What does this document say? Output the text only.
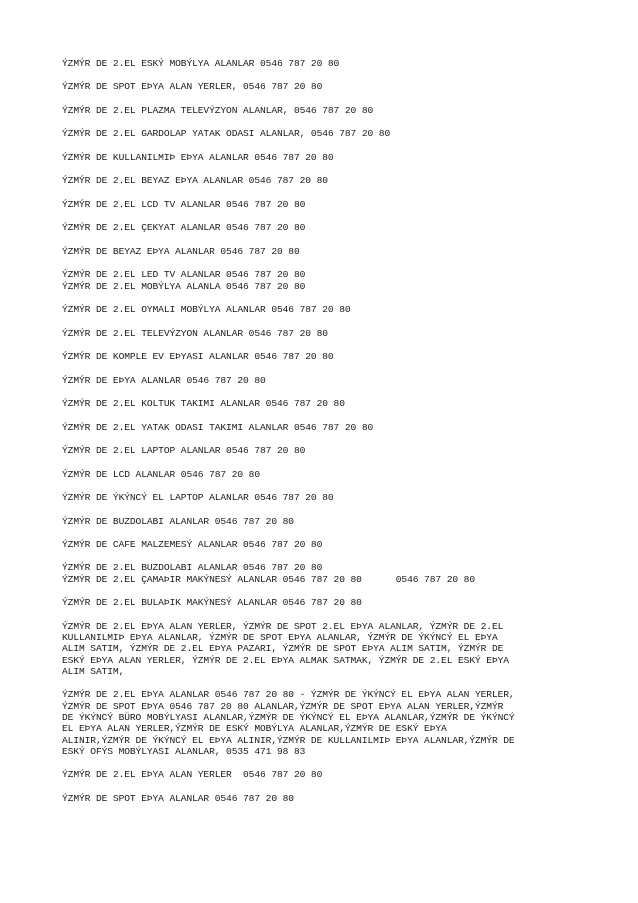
ÝZMÝR DE 2.EL ESKÝ MOBÝLYA ALANLAR 0546 787 20 80

ÝZMÝR DE SPOT EÞYA ALAN YERLER, 0546 787 20 80

ÝZMÝR DE 2.EL PLAZMA TELEVÝZYON ALANLAR, 0546 787 20 80

ÝZMÝR DE 2.EL GARDOLAP YATAK ODASI ALANLAR, 0546 787 20 80

ÝZMÝR DE KULLANILMIÞ EÞYA ALANLAR 0546 787 20 80

ÝZMÝR DE 2.EL BEYAZ EÞYA ALANLAR 0546 787 20 80

ÝZMÝR DE 2.EL LCD TV ALANLAR 0546 787 20 80

ÝZMÝR DE 2.EL ÇEKYAT ALANLAR 0546 787 20 80

ÝZMÝR DE BEYAZ EÞYA ALANLAR 0546 787 20 80

ÝZMÝR DE 2.EL LED TV ALANLAR 0546 787 20 80
ÝZMÝR DE 2.EL MOBÝLYA ALANLA 0546 787 20 80

ÝZMÝR DE 2.EL OYMALI MOBÝLYA ALANLAR 0546 787 20 80

ÝZMÝR DE 2.EL TELEVÝZYON ALANLAR 0546 787 20 80

ÝZMÝR DE KOMPLE EV EÞYASI ALANLAR 0546 787 20 80

ÝZMÝR DE EÞYA ALANLAR 0546 787 20 80

ÝZMÝR DE 2.EL KOLTUK TAKIMI ALANLAR 0546 787 20 80

ÝZMÝR DE 2.EL YATAK ODASI TAKIMI ALANLAR 0546 787 20 80

ÝZMÝR DE 2.EL LAPTOP ALANLAR 0546 787 20 80

ÝZMÝR DE LCD ALANLAR 0546 787 20 80

ÝZMÝR DE ÝKÝNCÝ EL LAPTOP ALANLAR 0546 787 20 80

ÝZMÝR DE BUZDOLABI ALANLAR 0546 787 20 80

ÝZMÝR DE CAFE MALZEMESÝ ALANLAR 0546 787 20 80

ÝZMÝR DE 2.EL BUZDOLABI ALANLAR 0546 787 20 80
ÝZMÝR DE 2.EL ÇAMAÞIR MAKÝNESÝ ALANLAR 0546 787 20 80      0546 787 20 80

ÝZMÝR DE 2.EL BULAÞIK MAKÝNESÝ ALANLAR 0546 787 20 80

ÝZMÝR DE 2.EL EÞYA ALAN YERLER, ÝZMÝR DE SPOT 2.EL EÞYA ALANLAR, ÝZMÝR DE 2.EL
KULLANILMIÞ EÞYA ALANLAR, ÝZMÝR DE SPOT EÞYA ALANLAR, ÝZMÝR DE ÝKÝNCÝ EL EÞYA
ALIM SATIM, ÝZMÝR DE 2.EL EÞYA PAZARI, ÝZMÝR DE SPOT EÞYA ALIM SATIM, ÝZMÝR DE
ESKÝ EÞYA ALAN YERLER, ÝZMÝR DE 2.EL EÞYA ALMAK SATMAK, ÝZMÝR DE 2.EL ESKÝ EÞYA
ALIM SATIM,

ÝZMÝR DE 2.EL EÞYA ALANLAR 0546 787 20 80 - ÝZMÝR DE ÝKÝNCÝ EL EÞYA ALAN YERLER,
ÝZMÝR DE SPOT EÞYA 0546 787 20 80 ALANLAR,ÝZMÝR DE SPOT EÞYA ALAN YERLER,ÝZMÝR
DE ÝKÝNCÝ BÜRO MOBÝLYASI ALANLAR,ÝZMÝR DE ÝKÝNCÝ EL EÞYA ALANLAR,ÝZMÝR DE ÝKÝNCÝ
EL EÞYA ALAN YERLER,ÝZMÝR DE ESKÝ MOBÝLYA ALANLAR,ÝZMÝR DE ESKÝ EÞYA
ALINIR,ÝZMÝR DE ÝKÝNCÝ EL EÞYA ALINIR,ÝZMÝR DE KULLANILMIÞ EÞYA ALANLAR,ÝZMÝR DE
ESKÝ OFÝS MOBÝLYASI ALANLAR, 0535 471 98 83

ÝZMÝR DE 2.EL EÞYA ALAN YERLER  0546 787 20 80

ÝZMÝR DE SPOT EÞYA ALANLAR 0546 787 20 80
